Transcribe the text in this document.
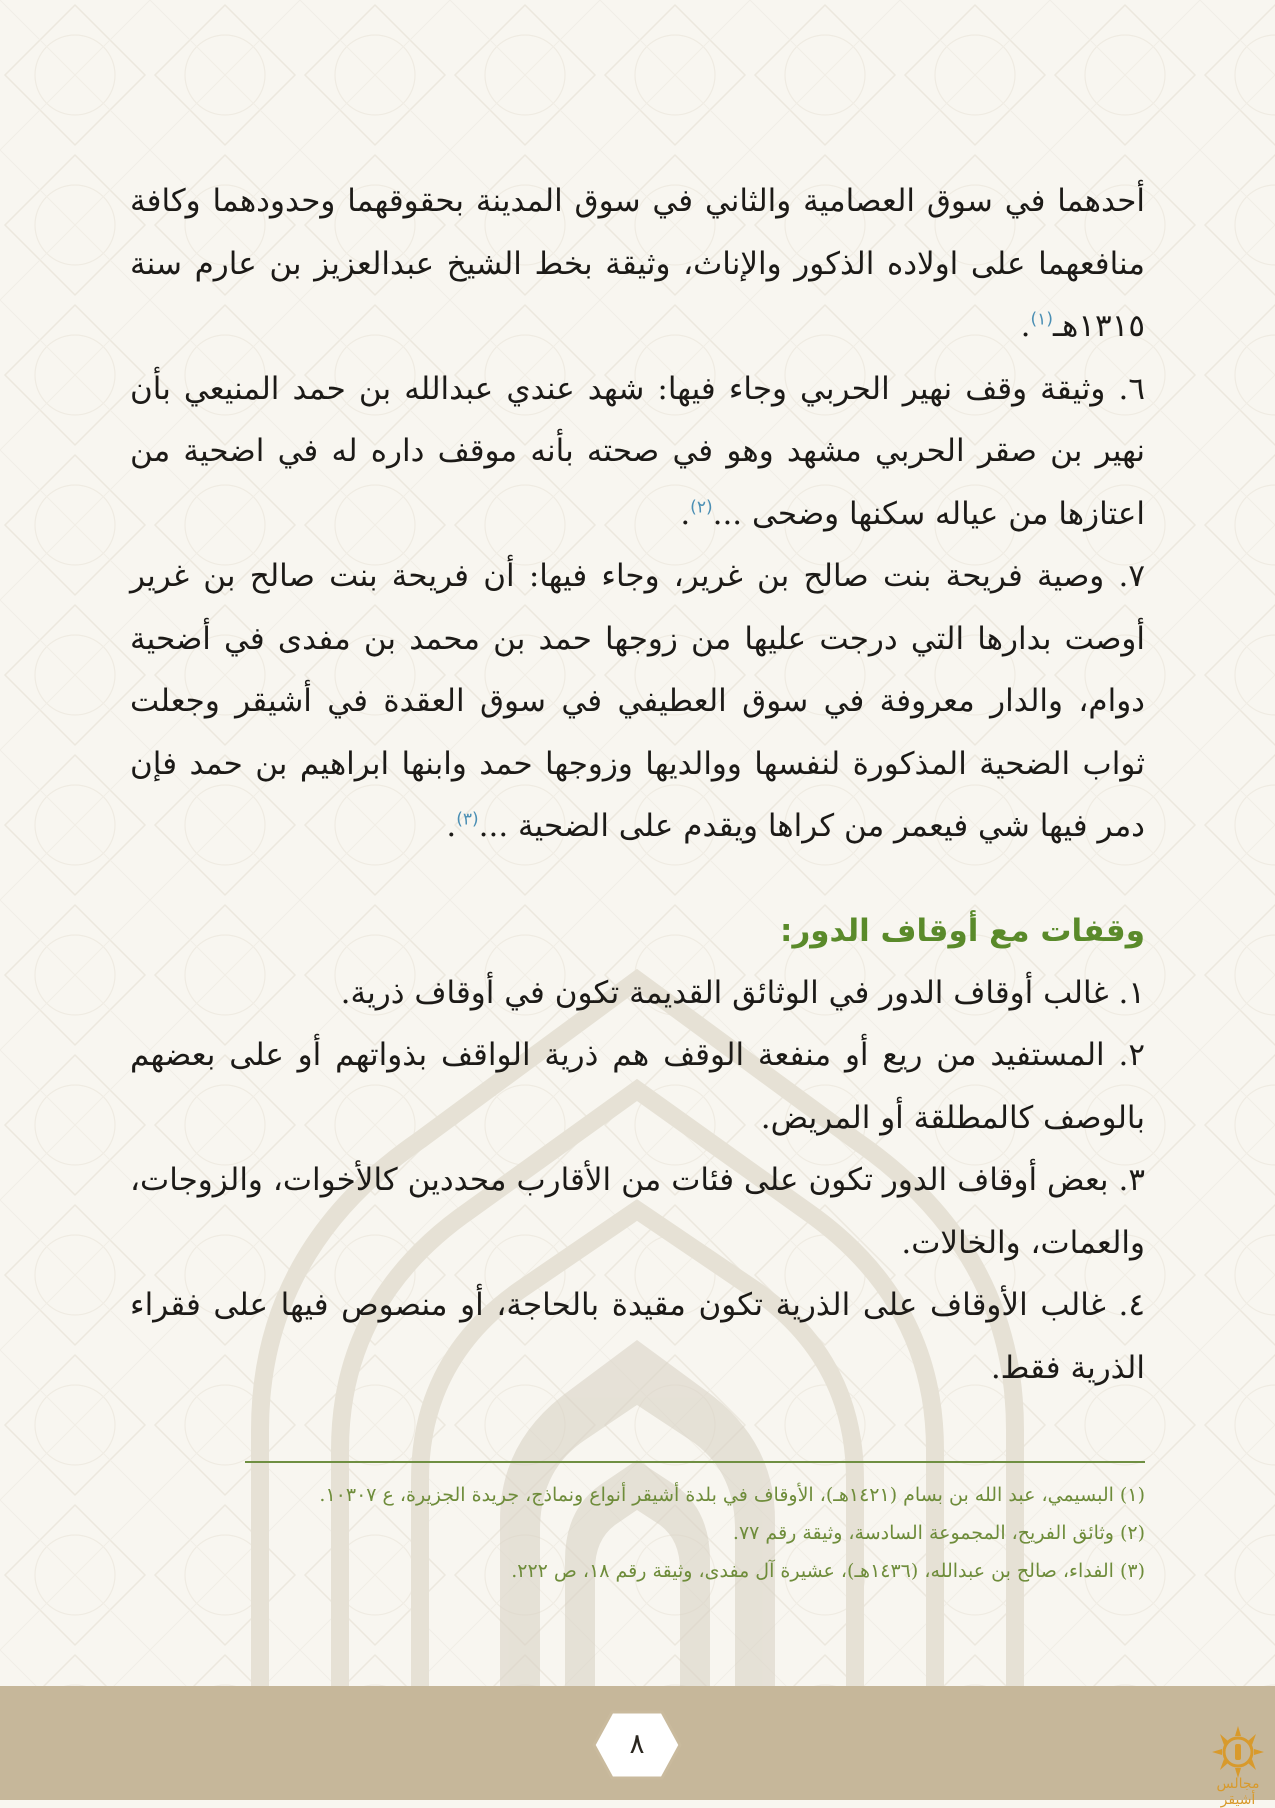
أحدهما في سوق العصامية والثاني في سوق المدينة بحقوقهما وحدودهما وكافة منافعهما على اولاده الذكور والإناث، وثيقة بخط الشيخ عبدالعزيز بن عارم سنة ١٣١٥هـ$^{(١)}$.

٦. وثيقة وقف نهير الحربي وجاء فيها: شهد عندي عبدالله بن حمد المنيعي بأن نهير بن صقر الحربي مشهد وهو في صحته بأنه موقف داره له في اضحية من اعتازها من عياله سكنها وضحى ...$^{(٢)}$.

٧. وصية فريحة بنت صالح بن غرير، وجاء فيها: أن فريحة بنت صالح بن غرير أوصت بدارها التي درجت عليها من زوجها حمد بن محمد بن مفدى في أضحية دوام، والدار معروفة في سوق العطيفي في سوق العقدة في أشيقر وجعلت ثواب الضحية المذكورة لنفسها ووالديها وزوجها حمد وابنها ابراهيم بن حمد فإن دمر فيها شي فيعمر من كراها ويقدم على الضحية ...$^{(٣)}$.

وقفات مع أوقاف الدور:

١. غالب أوقاف الدور في الوثائق القديمة تكون في أوقاف ذرية.

٢. المستفيد من ريع أو منفعة الوقف هم ذرية الواقف بذواتهم أو على بعضهم بالوصف كالمطلقة أو المريض.

٣. بعض أوقاف الدور تكون على فئات من الأقارب محددين كالأخوات، والزوجات، والعمات، والخالات.

٤. غالب الأوقاف على الذرية تكون مقيدة بالحاجة، أو منصوص فيها على فقراء الذرية فقط.

(١) البسيمي، عبد الله بن بسام (١٤٢١هـ)، الأوقاف في بلدة أشيقر أنواع ونماذج، جريدة الجزيرة، ع ١٠٣٠٧.

(٢) وثائق الفريح، المجموعة السادسة، وثيقة رقم ٧٧.

(٣) الفداء، صالح بن عبدالله، (١٤٣٦هـ)، عشيرة آل مفدى، وثيقة رقم ١٨، ص ٢٢٢.

٨
مجالس أشيقر
